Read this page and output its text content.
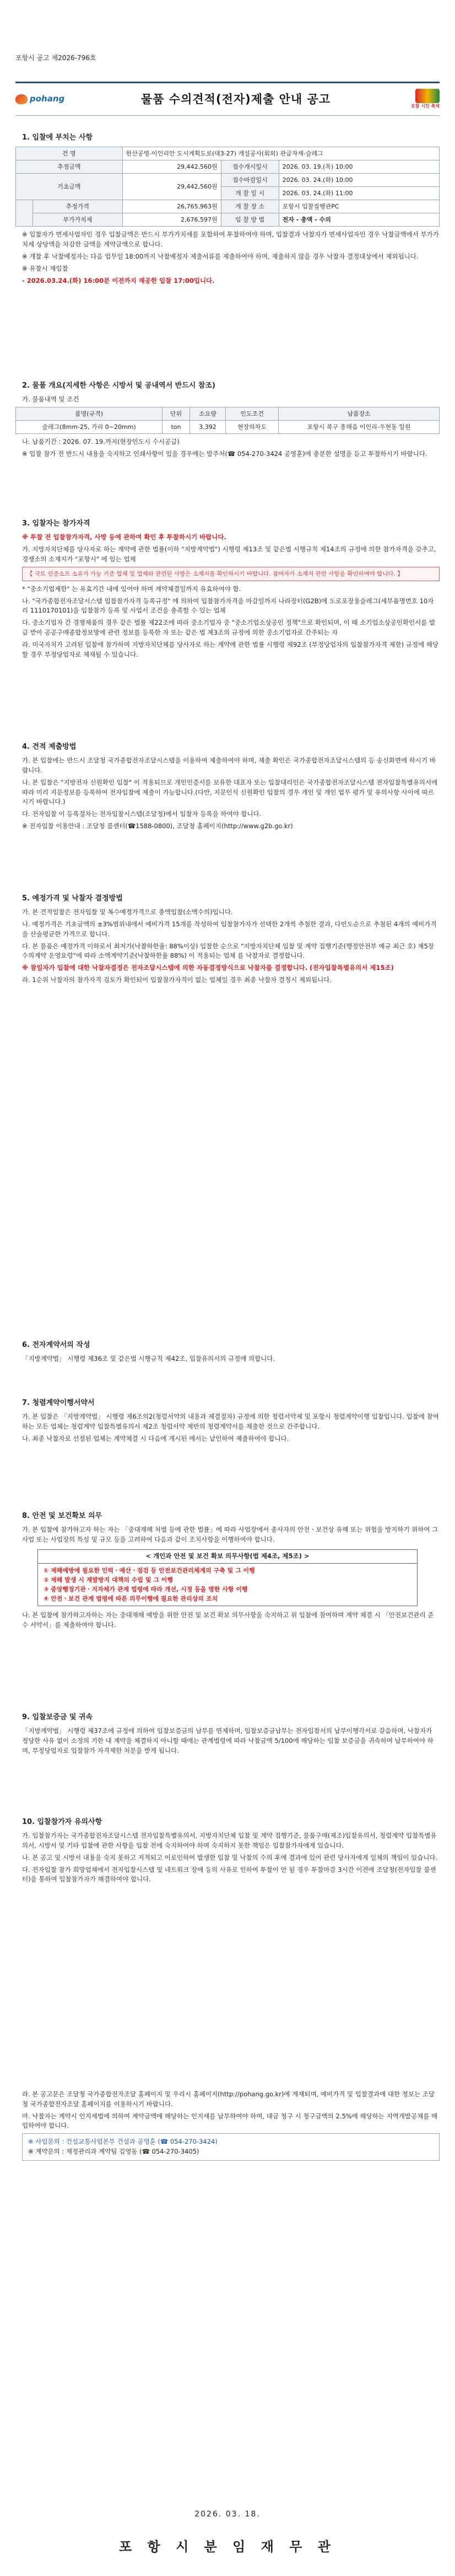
포항시 공고 제2026-796호
pohang	물품 수의견적(전자)제출 안내 공고
포항 시민 축제
1. 입찰에 부치는 사항
건 명		한산공영-이인리안 도시계획도로(대3-27) 개설공사(회외) 관급자재-슬레그		
추정금액		29,442,560원	접수개시일시	2026. 03. 19.(목) 10:00
기초금액		29,442,560원	접수마감일시	2026. 03. 24.(화) 10:00
			개 찰 일 시	2026. 03. 24.(화) 11:00
	추정가격	26,765,963원	개 찰 장 소	포항시 입찰집행관PC
	부가가치세	2,676,597원	입 찰 방 법	전자 - 총액 - 수의

※ 입찰자가 면세사업자인 경우 입찰금액은 반드시 부가가치세를 포함하여 투찰하여야 하며, 입찰결과 낙찰자가 면세사업자인 경우 낙찰금액에서 부가가치세 상당액을 차감한 금액을 계약금액으로 합니다.

※ 개찰 후 낙찰예정자는 다음 업무일 18:00까지 낙찰예정자 제출서류를 제출하여야 하며, 제출하지 않을 경우 낙찰자 결정대상에서 제외됩니다.

※ 유찰시 재입찰

- 2026.03.24.(화) 16:00분 이전까지 재공한 입찰 17:00입니다.

2. 물품 개요(지세한 사항은 시방서 및 공내역서 반드시 참조)

가. 물품내역 및 조건

품명(규격)	단위	소요량	인도조건	납품장소
슬레그(8mm-25, 가리 0~20mm)	ton	3,392	현장하차도	포항시 북구 흥해읍 이인리-우현동 일원

나. 납품기간 : 2026. 07. 19.까지(현장인도시 수시공급)

※ 입찰 참가 전 반드시 내용을 숙지하고 인쇄사항이 있을 경우에는 발주처(☎ 054-270-3424 공영훈)에 충분한 설명을 듣고 투찰하시기 바랍니다.

3. 입찰자는 참가자격

※ 투찰 전 입찰참가자격, 사방 등에 관하여 확인 후 투찰하시기 바랍니다.

가. 지방자치단체를 당사자로 하는 계약에 관한 법률(이하 "지방계약법") 시행령 제13조 및 같은법 시행규칙 제14조의 규정에 의한 참가자격을 갖추고, 경쟁소의 소재지가 "포항시" 에 있는 업체

【 국토 인증소프 소유가 가능 기준 업체 및 업체와 관련된 사항은 소재지를 확인하시기 바랍니다. 참여자가 소재지 관련 사항을 확인하여야 합니다. 】

* "중소기업제한" 는 유효기간 내에 있어야 하며 계약체결일까지 유효하여야 함.

나. "국가종합전자조달시스템 입찰참가자격 등록규정" 에 의하여 입찰참가자격을 마감일까지 나라장터(G2B)에 도로포장용슬레그(세부품명번호 10자리 1110170101)을 입찰참가 등록 및 사업서 조건을 충족할 수 있는 업체

다. 중소기업자 간 경쟁제품의 경우 같은 법률 제22조에 따라 중소기업자 중 "중소기업소상공인 정책"으로 확인되며, 이 때 소기업소상공인확인서를 발급 받아 공공구매종합정보망에 관련 정보를 등록한 자 또는 같은 법 제3조의 규정에 의한 중소기업자로 간주되는 자

라. 미국자치가 고려된 입찰에 참가하며 지방자치단체를 당사자로 하는 계약에 관한 법률 시행령 제92조 (부정당업자의 입찰참가자격 제한) 규정에 해당할 경우 부정당업자로 제재될 수 있습니다.

4. 견적 제출방법

가. 본 입찰에는 반드시 조달청 국가종합전자조달시스템을 이용하여 제출하여야 하며, 제출 확인은 국가종합전자조달시스템의 등 송신화면에 하시기 바랍니다.

나. 본 입찰은 "지방전자 신원확인 입찰" 이 적용되므로 개인인증서를 보유한 대표자 또는 입찰대리인은 국가종합전자조달시스템 전자입찰특별유의서에 따라 미리 지문정보를 등록하여 전자입찰에 제출이 가능합니다.(다만, 지문인식 신원확인 입찰의 경우 개인 및 개인 업무 평가 및 유의사항 사이에 따르시기 바랍니다.)

다. 전자입찰 이 등록절차는 전자입찰시스템(조달청)에서 입찰자 등록을 하여야 합니다.

※ 전자입찰 이용안내 : 조달청 콜센터(☎1588-0800), 조달청 홈페이지(http://www.g2b.go.kr)

5. 예정가격 및 낙찰자 결정방법

가. 본 견적입찰은 전자입찰 및 복수예정가격으로 총액입찰(소액수의)입니다.

나. 예정가격은 기초금액의 ±3%범위내에서 예비가격 15개를 작성하여 입찰참가자가 선택한 2개씩 추첨한 결과, 다빈도순으로 추첨된 4개의 예비가격을 산술평균한 가격으로 합니다.

다. 본 물품은 예정가격 이하로서 최저가(낙찰하한율: 88%이상) 입찰한 순으로 "지방자치단체 입찰 및 계약 집행기준(행정안전부 예규 최근 호) 제5장 수의계약 운영요령"에 따라 소액계약기준(낙찰하한율 88%) 이 적용되는 업체 를 낙찰자로 결정합니다.

※ 참일자가 입찰에 대한 낙찰자결정은 전자조달시스템에 의한 자동결정방식으로 낙찰자를 결정합니다. (전자입찰특별유의서 제15조)

라. 1순위 낙찰자의 참가자격 검토가 확인되어 입찰참가자격이 없는 업체일 경우 최종 낙찰자 결정시 제외됩니다.

6. 전자계약서의 작성

「지방계약법」 시행령 제36조 및 같은법 시행규칙 제42조, 입찰유의서의 규정에 의합니다.

7. 청렴계약이행서약서

가. 본 입찰은 「지방계약법」 시행령 제6조의2(청렴서약의 내용과 제결절차) 규정에 의한 청렴서약제 및 포항시 청렴계약이행 입찰입니다. 입찰에 참여하는 모든 업체는 청렴계약 입찰특별유의서 제2조 청렴서약 제반의 청렴계약서를 제출한 것으로 간주합니다.

나. 최종 낙찰자로 선정된 업체는 계약체결 시 다음에 게시된 에서는 낱인하여 제출하여야 합니다.

8. 안전 및 보건확보 의무

가. 본 입찰에 참가하고자 하는 자는 「중대재해 처벌 등에 관한 법률」에 따라 사업장에서 종사자의 안전ㆍ보건상 유해 또는 위험을 방지하기 위하여 그 사업 또는 사업장의 특성 및 규모 등을 고려하여 다음과 같이 조치사항을 이행하여야 합니다.

< 개인과 안전 및 보건 확보 의무사항(법 제4조, 제5조) >
① 재해예방에 필요한 인력ㆍ예산ㆍ점검 등 안전보건관리체계의 구축 및 그 이행
② 재해 발생 시 재발방지 대책의 수립 및 그 이행
③ 중앙행정기관ㆍ지자체가 관계 법령에 따라 개선, 시정 등을 명한 사항 이행
④ 안전ㆍ보건 관계 법령에 따른 의무이행에 필요한 관리상의 조치

나. 본 입찰에 참가하고자하는 자는 중대재해 예방을 위한 안전 및 보건 확보 의무사항을 숙지하고 위 입찰에 참여하며 계약 체결 시 「안전보건관리 준수 서약서」를 제출하여야 합니다.

9. 입찰보증금 및 귀속

「지방계약법」 시행령 제37조에 규정에 의하여 입찰보증금의 납부를 면제하며, 입찰보증금납부는 전자입찰서의 납부이행각서로 갈음하며, 낙찰자가 정당한 사유 없이 소정의 기한 내 계약을 체결하지 아니할 때에는 관계법령에 따라 낙찰금액 5/100에 해당하는 입찰 보증금을 귀속하며 납부하여야 하며, 부정당업자로 입찰참가 자격제한 처분을 받게 됩니다.

10. 입찰참가자 유의사항

가. 입찰참가자는 국가종합전자조달시스템 전자입찰특별유의서, 지방자치단체 입찰 및 계약 집행기준, 물품구매(제조)입찰유의서, 청렴계약 입찰특별유의서, 시방서 및 기타 입찰에 관한 사항을 입찰 전에 숙지하여야 하며 숙지하지 못한 책임은 입찰참가자에게 있습니다.

나. 본 공고 및 시방서 내용을 숙지 못하고 지적되고 이로인하여 발생한 입찰 및 낙찰의 수의 후에 결과에 있어 관련 당사자에게 일체의 책임이 있습니다.

다. 전자입찰 참가 희망업체에서 전자입찰시스템 및 네트워크 장애 등의 사유로 인하여 투찰이 안 될 경우 투찰마감 3시간 이전에 조달청(전자입찰 콜센터)을 통하여 입찰참가자가 해결하여야 합니다.

라. 본 공고문은 조달청 국가종합전자조달 홈페이지 및 우리시 홈페이지(http://pohang.go.kr)에 게재되며, 예비가격 및 입찰결과에 대한 정보는 조달청 국가종합전자조달 홈페이지를 이용하시기 바랍니다.

마. 낙찰자는 계약시 인지세법에 의하여 계약금액에 해당하는 인지세를 납부하여야 하며, 대금 청구 시 청구금액의 2.5%에 해당하는 지역개발공채를 매입하여야 합니다.

※ 사업문의 : 건설교통사업본부 건설과 공영훈 (☎ 054-270-3424)
※ 계약문의 : 재정관리과 계약팀 김영동 (☎ 054-270-3405)
2026. 03. 18.
포 항 시 분 임 재 무 관
